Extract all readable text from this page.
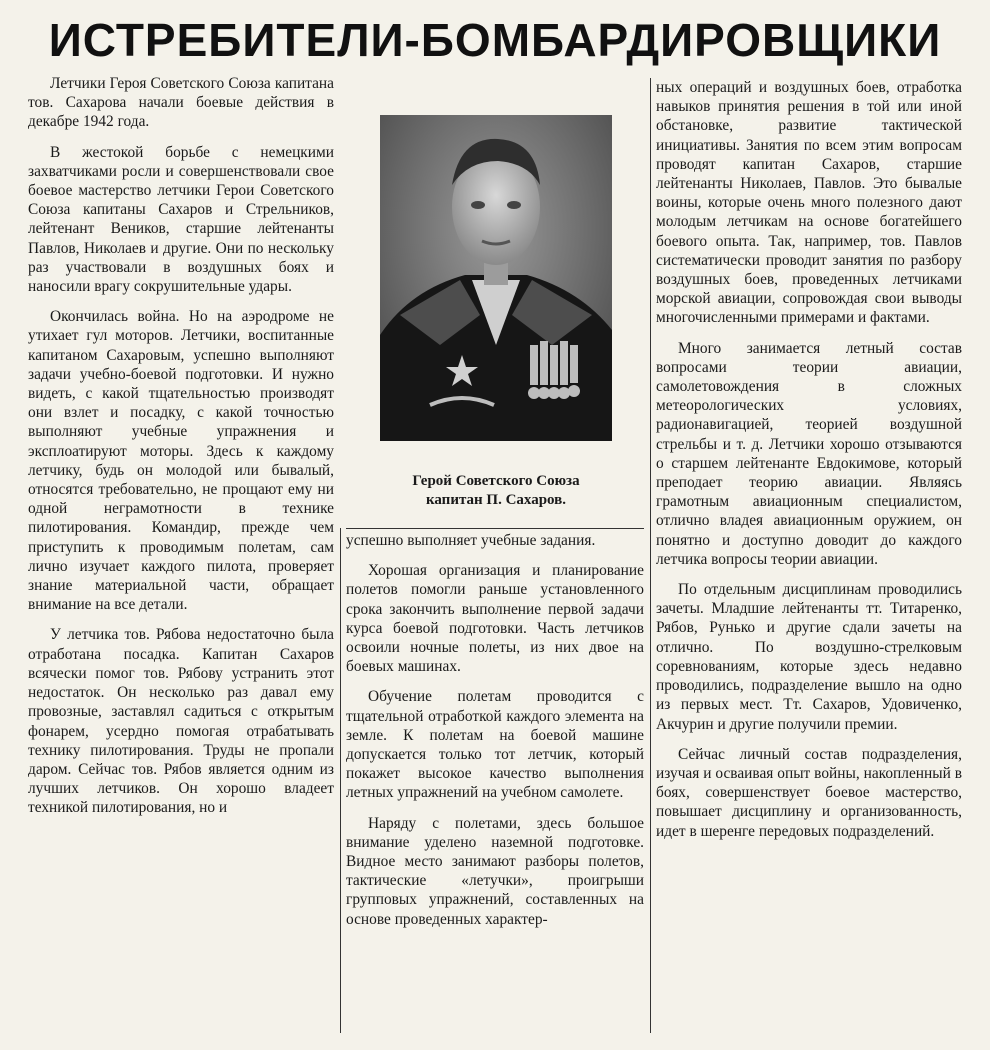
ИСТРЕБИТЕЛИ-БОМБАРДИРОВЩИКИ

Летчики Героя Советского Союза капитана тов. Сахарова начали боевые действия в декабре 1942 года.

В жестокой борьбе с немецкими захватчиками росли и совершенствовали свое боевое мастерство летчики Герои Советского Союза капитаны Сахаров и Стрельников, лейтенант Веников, старшие лейтенанты Павлов, Николаев и другие. Они по нескольку раз участвовали в воздушных боях и наносили врагу сокрушительные удары.

Окончилась война. Но на аэродроме не утихает гул моторов. Летчики, воспитанные капитаном Сахаровым, успешно выполняют задачи учебно-боевой подготовки. И нужно видеть, с какой тщательностью производят они взлет и посадку, с какой точностью выполняют учебные упражнения и эксплоатируют моторы. Здесь к каждому летчику, будь он молодой или бывалый, относятся требовательно, не прощают ему ни одной неграмотности в технике пилотирования. Командир, прежде чем приступить к проводимым полетам, сам лично изучает каждого пилота, проверяет знание материальной части, обращает внимание на все детали.

У летчика тов. Рябова недостаточно была отработана посадка. Капитан Сахаров всячески помог тов. Рябову устранить этот недостаток. Он несколько раз давал ему провозные, заставлял садиться с открытым фонарем, усердно помогая отрабатывать технику пилотирования. Труды не пропали даром. Сейчас тов. Рябов является одним из лучших летчиков. Он хорошо владеет техникой пилотирования, но и

Герой Советского Союза
капитан П. Сахаров.

успешно выполняет учебные задания.

Хорошая организация и планирование полетов помогли раньше установленного срока закончить выполнение первой задачи курса боевой подготовки. Часть летчиков освоили ночные полеты, из них двое на боевых машинах.

Обучение полетам проводится с тщательной отработкой каждого элемента на земле. К полетам на боевой машине допускается только тот летчик, который покажет высокое качество выполнения летных упражнений на учебном самолете.

Наряду с полетами, здесь большое внимание уделено наземной подготовке. Видное место занимают разборы полетов, тактические «летучки», проигрыши групповых упражнений, составленных на основе проведенных характер-

ных операций и воздушных боев, отработка навыков принятия решения в той или иной обстановке, развитие тактической инициативы. Занятия по всем этим вопросам проводят капитан Сахаров, старшие лейтенанты Николаев, Павлов. Это бывалые воины, которые очень много полезного дают молодым летчикам на основе богатейшего боевого опыта. Так, например, тов. Павлов систематически проводит занятия по разбору воздушных боев, проведенных летчиками морской авиации, сопровождая свои выводы многочисленными примерами и фактами.

Много занимается летный состав вопросами теории авиации, самолетовождения в сложных метеорологических условиях, радионавигацией, теорией воздушной стрельбы и т. д. Летчики хорошо отзываются о старшем лейтенанте Евдокимове, который преподает теорию авиации. Являясь грамотным авиационным специалистом, отлично владея авиационным оружием, он понятно и доступно доводит до каждого летчика вопросы теории авиации.

По отдельным дисциплинам проводились зачеты. Младшие лейтенанты тт. Титаренко, Рябов, Рунько и другие сдали зачеты на отлично. По воздушно-стрелковым соревнованиям, которые здесь недавно проводились, подразделение вышло на одно из первых мест. Тт. Сахаров, Удовиченко, Акчурин и другие получили премии.

Сейчас личный состав подразделения, изучая и осваивая опыт войны, накопленный в боях, совершенствует боевое мастерство, повышает дисциплину и организованность, идет в шеренге передовых подразделений.
